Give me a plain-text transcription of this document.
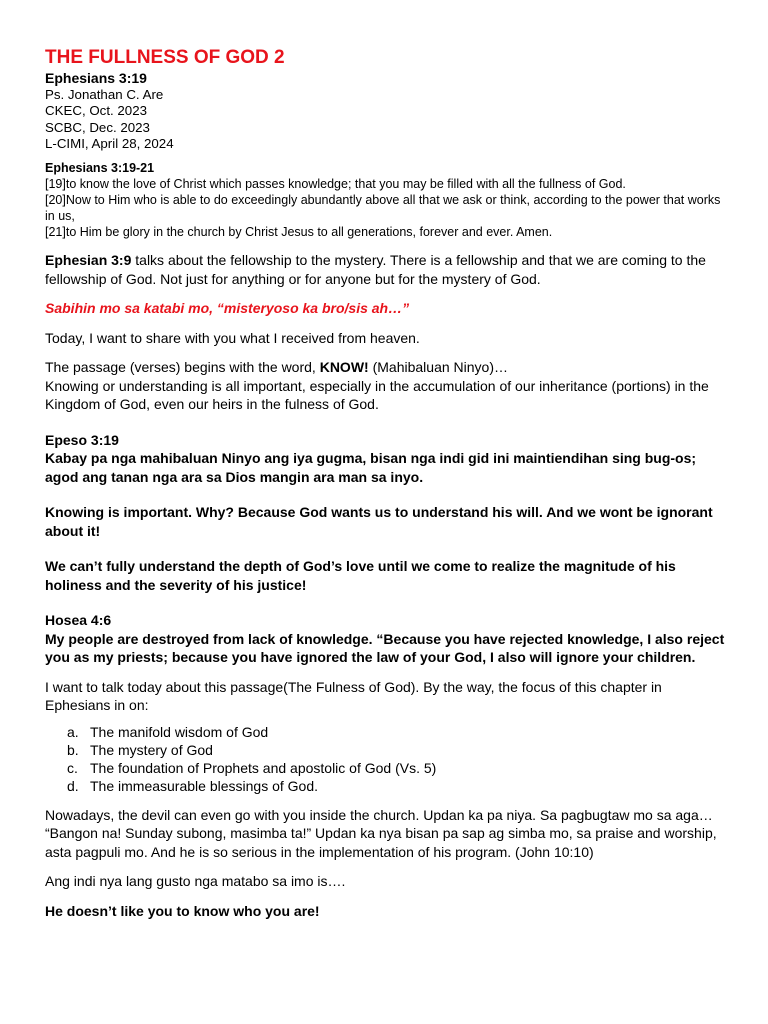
THE FULLNESS OF GOD 2
Ephesians 3:19
Ps. Jonathan C. Are
CKEC, Oct. 2023
SCBC, Dec. 2023
L-CIMI, April 28, 2024
Ephesians 3:19-21

[19]to know the love of Christ which passes knowledge; that you may be filled with all the fullness of God.

[20]Now to Him who is able to do exceedingly abundantly above all that we ask or think, according to the power that works in us,

[21]to Him be glory in the church by Christ Jesus to all generations, forever and ever. Amen.

Ephesian 3:9 talks about the fellowship to the mystery. There is a fellowship and that we are coming to the fellowship of God. Not just for anything or for anyone but for the mystery of God.

Sabihin mo sa katabi mo, “misteryoso ka bro/sis ah…”

Today, I want to share with you what I received from heaven.

The passage (verses) begins with the word, KNOW! (Mahibaluan Ninyo)…

Knowing or understanding is all important, especially in the accumulation of our inheritance (portions) in the Kingdom of God, even our heirs in the fulness of God.

Epeso 3:19

Kabay pa nga mahibaluan Ninyo ang iya gugma, bisan nga indi gid ini maintiendihan sing bug-os; agod ang tanan nga ara sa Dios mangin ara man sa inyo.

Knowing is important. Why? Because God wants us to understand his will. And we wont be ignorant about it!

We can’t fully understand the depth of God’s love until we come to realize the magnitude of his holiness and the severity of his justice!

Hosea 4:6

My people are destroyed from lack of knowledge. “Because you have rejected knowledge, I also reject you as my priests; because you have ignored the law of your God, I also will ignore your children.

I want to talk today about this passage(The Fulness of God). By the way, the focus of this chapter in Ephesians in on:

a. The manifold wisdom of God
b. The mystery of God
c. The foundation of Prophets and apostolic of God (Vs. 5)
d. The immeasurable blessings of God.

Nowadays, the devil can even go with you inside the church. Updan ka pa niya. Sa pagbugtaw mo sa aga… “Bangon na! Sunday subong, masimba ta!” Updan ka nya bisan pa sap ag simba mo, sa praise and worship, asta pagpuli mo. And he is so serious in the implementation of his program. (John 10:10)

Ang indi nya lang gusto nga matabo sa imo is….

He doesn’t like you to know who you are!
